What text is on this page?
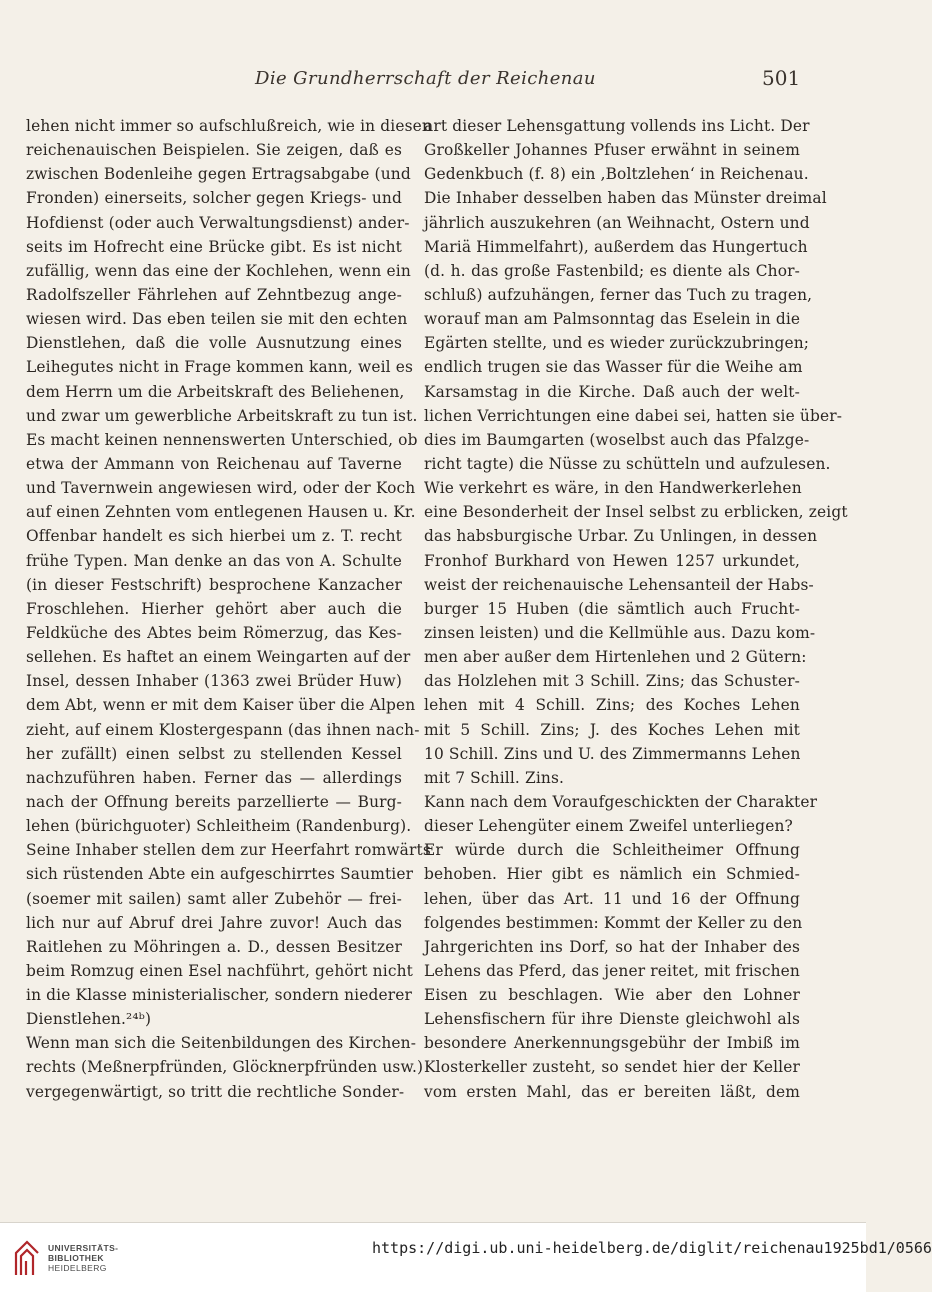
Die Grundherrschaft der Reichenau	501
lehen nicht immer so aufschlußreich, wie in diesen
reichenauischen Beispielen. Sie zeigen, daß es
zwischen Bodenleihe gegen Ertragsabgabe (und
Fronden) einerseits, solcher gegen Kriegs- und
Hofdienst (oder auch Verwaltungsdienst) ander-
seits im Hofrecht eine Brücke gibt. Es ist nicht
zufällig, wenn das eine der Kochlehen, wenn ein
Radolfszeller Fährlehen auf Zehntbezug ange-
wiesen wird. Das eben teilen sie mit den echten
Dienstlehen, daß die volle Ausnutzung eines
Leihegutes nicht in Frage kommen kann, weil es
dem Herrn um die Arbeitskraft des Beliehenen,
und zwar um gewerbliche Arbeitskraft zu tun ist.
Es macht keinen nennenswerten Unterschied, ob
etwa der Ammann von Reichenau auf Taverne
und Tavernwein angewiesen wird, oder der Koch
auf einen Zehnten vom entlegenen Hausen u. Kr.
Offenbar handelt es sich hierbei um z. T. recht
frühe Typen. Man denke an das von A. Schulte
(in dieser Festschrift) besprochene Kanzacher
Froschlehen. Hierher gehört aber auch die
Feldküche des Abtes beim Römerzug, das Kes-
sellehen. Es haftet an einem Weingarten auf der
Insel, dessen Inhaber (1363 zwei Brüder Huw)
dem Abt, wenn er mit dem Kaiser über die Alpen
zieht, auf einem Klostergespann (das ihnen nach-
her zufällt) einen selbst zu stellenden Kessel
nachzuführen haben. Ferner das — allerdings
nach der Offnung bereits parzellierte — Burg-
lehen (bürichguoter) Schleitheim (Randenburg).
Seine Inhaber stellen dem zur Heerfahrt romwärts
sich rüstenden Abte ein aufgeschirrtes Saumtier
(soemer mit sailen) samt aller Zubehör — frei-
lich nur auf Abruf drei Jahre zuvor! Auch das
Raitlehen zu Möhringen a. D., dessen Besitzer
beim Romzug einen Esel nachführt, gehört nicht
in die Klasse ministerialischer, sondern niederer
Dienstlehen.²⁴ᵇ)
Wenn man sich die Seitenbildungen des Kirchen-
rechts (Meßnerpfründen, Glöcknerpfründen usw.)
vergegenwärtigt, so tritt die rechtliche Sonder-
art dieser Lehensgattung vollends ins Licht. Der
Großkeller Johannes Pfuser erwähnt in seinem
Gedenkbuch (f. 8) ein ‚Boltzlehen‘ in Reichenau.
Die Inhaber desselben haben das Münster dreimal
jährlich auszukehren (an Weihnacht, Ostern und
Mariä Himmelfahrt), außerdem das Hungertuch
(d. h. das große Fastenbild; es diente als Chor-
schluß) aufzuhängen, ferner das Tuch zu tragen,
worauf man am Palmsonntag das Eselein in die
Egärten stellte, und es wieder zurückzubringen;
endlich trugen sie das Wasser für die Weihe am
Karsamstag in die Kirche. Daß auch der welt-
lichen Verrichtungen eine dabei sei, hatten sie über-
dies im Baumgarten (woselbst auch das Pfalzge-
richt tagte) die Nüsse zu schütteln und aufzulesen.
Wie verkehrt es wäre, in den Handwerkerlehen
eine Besonderheit der Insel selbst zu erblicken, zeigt
das habsburgische Urbar. Zu Unlingen, in dessen
Fronhof Burkhard von Hewen 1257 urkundet,
weist der reichenauische Lehensanteil der Habs-
burger 15 Huben (die sämtlich auch Frucht-
zinsen leisten) und die Kellmühle aus. Dazu kom-
men aber außer dem Hirtenlehen und 2 Gütern:
das Holzlehen mit 3 Schill. Zins; das Schuster-
lehen mit 4 Schill. Zins; des Koches Lehen
mit 5 Schill. Zins; J. des Koches Lehen mit
10 Schill. Zins und U. des Zimmermanns Lehen
mit 7 Schill. Zins.
Kann nach dem Voraufgeschickten der Charakter
dieser Lehengüter einem Zweifel unterliegen?
Er würde durch die Schleitheimer Offnung
behoben. Hier gibt es nämlich ein Schmied-
lehen, über das Art. 11 und 16 der Offnung
folgendes bestimmen: Kommt der Keller zu den
Jahrgerichten ins Dorf, so hat der Inhaber des
Lehens das Pferd, das jener reitet, mit frischen
Eisen zu beschlagen. Wie aber den Lohner
Lehensfischern für ihre Dienste gleichwohl als
besondere Anerkennungsgebühr der Imbiß im
Klosterkeller zusteht, so sendet hier der Keller
vom ersten Mahl, das er bereiten läßt, dem
UNIVERSITÄTS-
BIBLIOTHEK
HEIDELBERG
https://digi.ub.uni-heidelberg.de/diglit/reichenau1925bd1/0566
